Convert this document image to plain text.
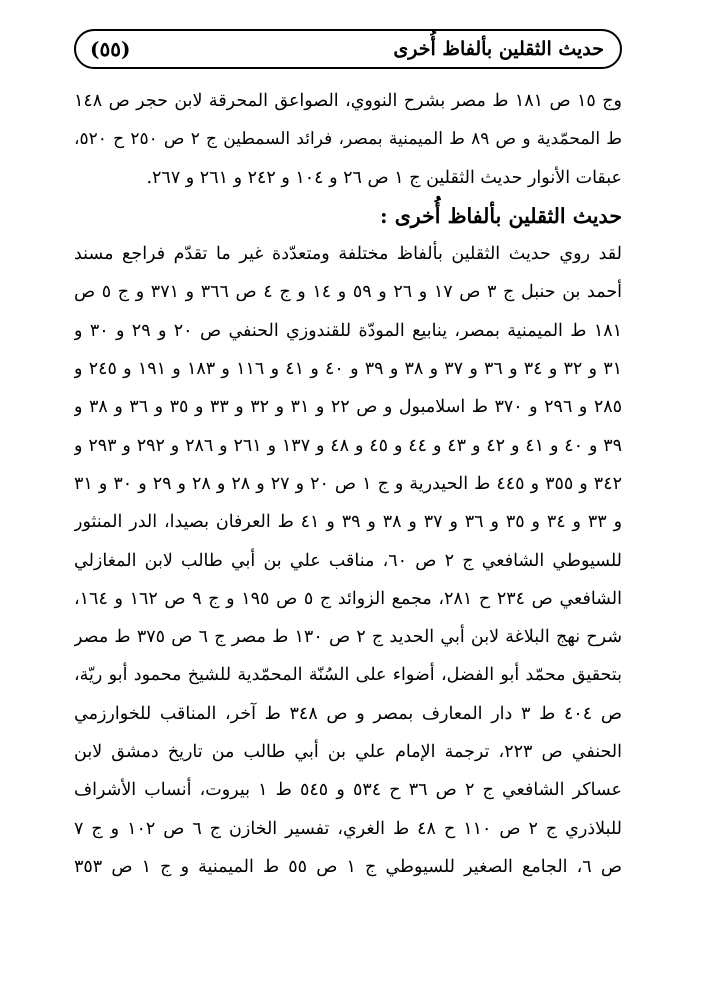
حديث الثقلين بألفاظ أُخرى
(٥٥)
وج ١٥ ص ١٨١ ط مصر بشرح النووي، الصواعق المحرقة لابن حجر ص ١٤٨
ط المحمّدية و ص ٨٩ ط الميمنية بمصر، فرائد السمطين ج ٢ ص ٢٥٠ ح ٥٢٠،
عبقات الأنوار حديث الثقلين ج ١ ص ٢٦ و ١٠٤ و ٢٤٢ و ٢٦١ و ٢٦٧.
حديث الثقلين بألفاظ أُخرى :
لقد روي حديث الثقلين بألفاظ مختلفة ومتعدّدة غير ما تقدّم فراجع مسند
أحمد بن حنبل ج ٣ ص ١٧ و ٢٦ و ٥٩ و ١٤ و ج ٤ ص ٣٦٦ و ٣٧١ و ج ٥ ص
١٨١ ط الميمنية بمصر، ينابيع المودّة للقندوزي الحنفي ص ٢٠ و ٢٩ و ٣٠ و
٣١ و ٣٢ و ٣٤ و ٣٦ و ٣٧ و ٣٨ و ٣٩ و ٤٠ و ٤١ و ١١٦ و ١٨٣ و ١٩١ و ٢٤٥ و
٢٨٥ و ٢٩٦ و ٣٧٠ ط اسلامبول و ص ٢٢ و ٣١ و ٣٢ و ٣٣ و ٣٥ و ٣٦ و ٣٨ و
٣٩ و ٤٠ و ٤١ و ٤٢ و ٤٣ و ٤٤ و ٤٥ و ٤٨ و ١٣٧ و ٢٦١ و ٢٨٦ و ٢٩٢ و ٢٩٣ و
٣٤٢ و ٣٥٥ و ٤٤٥ ط الحيدرية و ج ١ ص ٢٠ و ٢٧ و ٢٨ و ٢٨ و ٢٩ و ٣٠ و ٣١
و ٣٣ و ٣٤ و ٣٥ و ٣٦ و ٣٧ و ٣٨ و ٣٩ و ٤١ ط العرفان بصيدا، الدر المنثور
للسيوطي الشافعي ج ٢ ص ٦٠، مناقب علي بن أبي طالب لابن المغازلي
الشافعي ص ٢٣٤ ح ٢٨١، مجمع الزوائد ج ٥ ص ١٩٥ و ج ٩ ص ١٦٢ و ١٦٤،
شرح نهج البلاغة لابن أبي الحديد ج ٢ ص ١٣٠ ط مصر ج ٦ ص ٣٧٥ ط مصر
بتحقيق محمّد أبو الفضل، أضواء على السُنّة المحمّدية للشيخ محمود أبو ريّة،
ص ٤٠٤ ط ٣ دار المعارف بمصر و ص ٣٤٨ ط آخر، المناقب للخوارزمي
الحنفي ص ٢٢٣، ترجمة الإمام علي بن أبي طالب من تاريخ دمشق لابن
عساكر الشافعي ج ٢ ص ٣٦ ح ٥٣٤ و ٥٤٥ ط ١ بيروت، أنساب الأشراف
للبلاذري ج ٢ ص ١١٠ ح ٤٨ ط الغري، تفسير الخازن ج ٦ ص ١٠٢ و ج ٧
ص ٦، الجامع الصغير للسيوطي ج ١ ص ٥٥ ط الميمنية و ج ١ ص ٣٥٣
